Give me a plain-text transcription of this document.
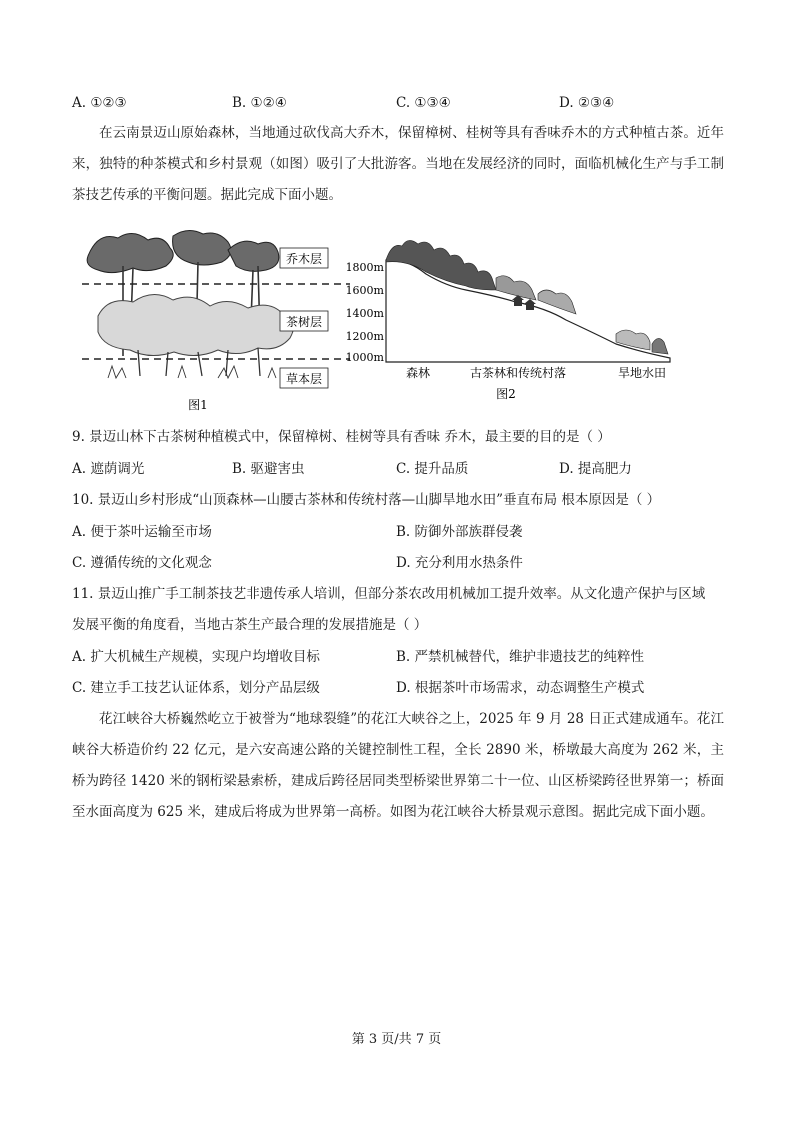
A. ①②③	B. ①②④	C. ①③④	D. ②③④

在云南景迈山原始森林，当地通过砍伐高大乔木，保留樟树、桂树等具有香味乔木的方式种植古茶。近年来，独特的种茶模式和乡村景观（如图）吸引了大批游客。当地在发展经济的同时，面临机械化生产与手工制茶技艺传承的平衡问题。据此完成下面小题。

乔木层
茶树层
草本层
图1
1800m
1600m
1400m
1200m
1000m
森林	古茶林和传统村落	旱地水田
图2
9. 景迈山林下古茶树种植模式中，保留樟树、桂树等具有香味 乔木，最主要的目的是（ ）
A. 遮荫调光	B. 驱避害虫	C. 提升品质	D. 提高肥力
10. 景迈山乡村形成“山顶森林—山腰古茶林和传统村落—山脚旱地水田”垂直布局 根本原因是（ ）
A. 便于茶叶运输至市场	B. 防御外部族群侵袭
C. 遵循传统的文化观念	D. 充分利用水热条件
11. 景迈山推广手工制茶技艺非遗传承人培训，但部分茶农改用机械加工提升效率。从文化遗产保护与区域
发展平衡的角度看，当地古茶生产最合理的发展措施是（ ）
A. 扩大机械生产规模，实现户均增收目标	B. 严禁机械替代，维护非遗技艺的纯粹性
C. 建立手工技艺认证体系，划分产品层级	D. 根据茶叶市场需求，动态调整生产模式

花江峡谷大桥巍然屹立于被誉为“地球裂缝”的花江大峡谷之上，2025 年 9 月 28 日正式建成通车。花江峡谷大桥造价约 22 亿元，是六安高速公路的关键控制性工程，全长 2890 米，桥墩最大高度为 262 米，主桥为跨径 1420 米的钢桁梁悬索桥，建成后跨径居同类型桥梁世界第二十一位、山区桥梁跨径世界第一；桥面至水面高度为 625 米，建成后将成为世界第一高桥。如图为花江峡谷大桥景观示意图。据此完成下面小题。

第 3 页/共 7 页
